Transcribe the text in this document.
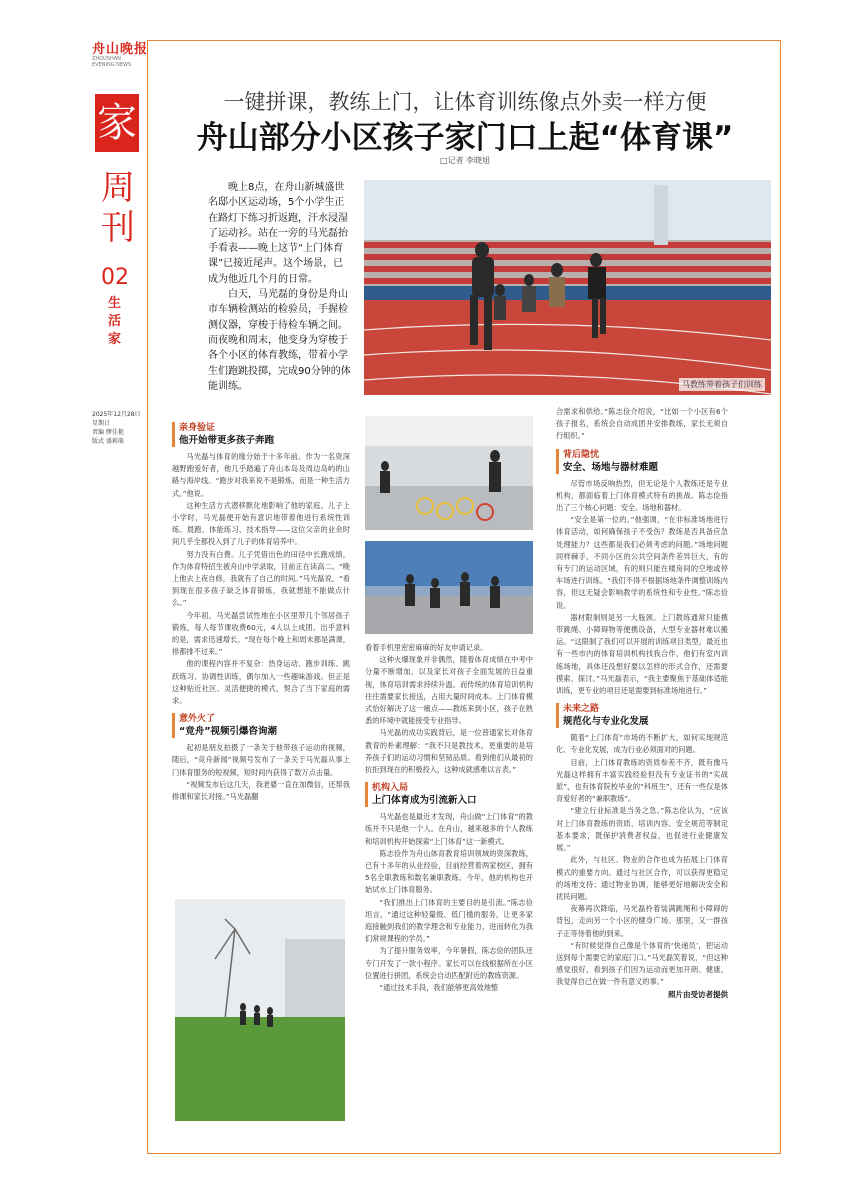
舟山晚报
ZHOUSHAN EVENING NEWS
家
周
刊
02
生活家
2025年12月28日
星期日
责编 缪佳艳
版式 盛莉萌
一键拼课，教练上门，让体育训练像点外卖一样方便
舟山部分小区孩子家门口上起“体育课”
□记者 李晓旭

晚上8点，在舟山新城盛世名邸小区运动场，5个小学生正在路灯下练习折返跑，汗水浸湿了运动衫。站在一旁的马光磊抬手看表——晚上这节“上门体育课”已接近尾声。这个场景，已成为他近几个月的日常。

白天，马光磊的身份是舟山市车辆检测站的检验员，手握检测仪器，穿梭于待检车辆之间。而夜晚和周末，他变身为穿梭于各个小区的体育教练，带着小学生们跑跳投掷，完成90分钟的体能训练。	马教练带着孩子们训练
亲身验证
他开始带更多孩子奔跑

马光磊与体育的缘分始于十多年前。作为一名资深越野跑爱好者，他几乎踏遍了舟山本岛及周边岛屿的山路与海岸线。“跑步对我来说不是锻炼，而是一种生活方式。”他说。

这种生活方式潜移默化地影响了他的家庭。儿子上小学时，马光磊便开始有意识地带着他进行系统性训练。晨跑、体能练习、技术指导——这位父亲的业余时间几乎全都投入到了儿子的体育培养中。

努力没有白费。儿子凭借出色的田径中长跑成绩，作为体育特招生被舟山中学录取，目前正在读高二。“晚上他去上夜自修，我就有了自己的时间。”马光磊说，“看到现在很多孩子缺乏体育锻炼，我就想能不能做点什么。”

今年初，马光磊尝试性地在小区里带几个邻居孩子锻炼，每人每节课收费60元，4人以上成团。出乎意料的是，需求迅速增长。“现在每个晚上和周末都是满课，排都排不过来。”

他的课程内容并不复杂：热身运动、跑步训练、跳跃练习、协调性训练，偶尔加入一些趣味游戏。但正是这种贴近社区、灵活便捷的模式，契合了当下家庭的需求。

意外火了
“竞舟”视频引爆咨询潮

起初是朋友拍摄了一条关于他带孩子运动的视频，随后，“竞舟新闻”视频号发布了一条关于马光磊从事上门体育服务的短视频，短时间内获得了数万点击量。

“视频发布后这几天，我老婆一直在加微信，还帮我排课和家长对接。”马光磊翻

看着手机里密密麻麻的好友申请记录。

这种火爆现象并非偶然，随着体育成绩在中考中分量不断增加，以及家长对孩子全面发展的日益重视，体育培训需求持续升温。而传统的体育培训机构往往需要家长接送，占用大量时间成本。上门体育模式恰好解决了这一痛点——教练来到小区，孩子在熟悉的环境中就能接受专业指导。

马光磊的成功实践背后，是一位普通家长对体育教育的朴素理解：“我不只是教技术，更重要的是培养孩子们的运动习惯和坚韧品质。看到他们从最初的抗拒到现在的积极投入，这种成就感难以言表。”

机构入局
上门体育成为引流新入口

马光磊也是最近才发现，舟山做“上门体育”的教练并不只是他一个人。在舟山，越来越多的个人教练和培训机构开始探索“上门体育”这一新模式。

陈志俭作为舟山体育教育培训领域的资深教练，已有十多年的从业经验，目前经营着两家校区，拥有5名全职教练和数名兼职教练。今年，他的机构也开始试水上门体育服务。

“我们推出上门体育的主要目的是引流。”陈志俭坦言，“通过这种轻量级、低门槛的服务，让更多家庭接触到我们的教学理念和专业能力，进而转化为我们常规课程的学员。”

为了提升服务效率，今年暑假，陈志俭的团队还专门开发了一款小程序。家长可以在线根据所在小区位置进行拼团，系统会自动匹配附近的教练资源。

“通过技术手段，我们能够更高效地整

合需求和供给。”陈志俭介绍说，“比如一个小区有6个孩子报名，系统会自动成团并安排教练，家长无须自行组织。”

背后隐忧
安全、场地与器材难题

尽管市场反响热烈，但无论是个人教练还是专业机构，都面临着上门体育模式特有的挑战。陈志俭指出了三个核心问题：安全、场地和器材。

“安全是第一位的。”他强调，“在非标准场地进行体育活动，如何确保孩子不受伤？教练是否具备应急处理能力？这些都是我们必须考虑的问题。”场地问题同样棘手，不同小区的公共空间条件差异巨大，有的有专门的运动区域，有的则只能在楼房间的空地或停车场进行训练。“我们不得不根据场地条件调整训练内容，但这无疑会影响教学的系统性和专业性。”陈志俭说。

器材限制则是另一大瓶颈。上门教练通常只能携带跳绳、小障碍物等便携设备，大型专业器材难以搬运。“这限制了我们可以开展的训练项目类型，最近也有一些市内的体育培训机构找我合作，他们有室内训练场地，具体还没想好要以怎样的形式合作，还需要摸索、探讨。”马光磊表示，“我主要聚焦于基础体适能训练，更专业的项目还是需要到标准场地进行。”

未来之路
规范化与专业化发展

随着“上门体育”市场的不断扩大，如何实现规范化、专业化发展，成为行业必须面对的问题。

目前，上门体育教练的资质参差不齐，既有像马光磊这样拥有丰富实践经验但没有专业证书的“实战派”，也有体育院校毕业的“科班生”，还有一些仅是体育爱好者的“兼职教练”。

“建立行业标准是当务之急。”陈志俭认为，“应该对上门体育教练的资质、培训内容、安全规范等制定基本要求，既保护消费者权益，也促进行业健康发展。”

此外，与社区、物业的合作也成为拓展上门体育模式的重要方向。通过与社区合作，可以获得更稳定的场地支持；通过物业协调，能够更好地解决安全和扰民问题。

夜幕再次降临，马光磊拎着装满跳绳和小障碍的背包，走向另一个小区的健身广场。那里，又一群孩子正等待着他的到来。

“有时候觉得自己像是个体育的‘快递员’，把运动送到每个需要它的家庭门口。”马光磊笑着说，“但这种感觉很好，看到孩子们因为运动而更加开朗、健康，我觉得自己在做一件有意义的事。”

照片由受访者提供
